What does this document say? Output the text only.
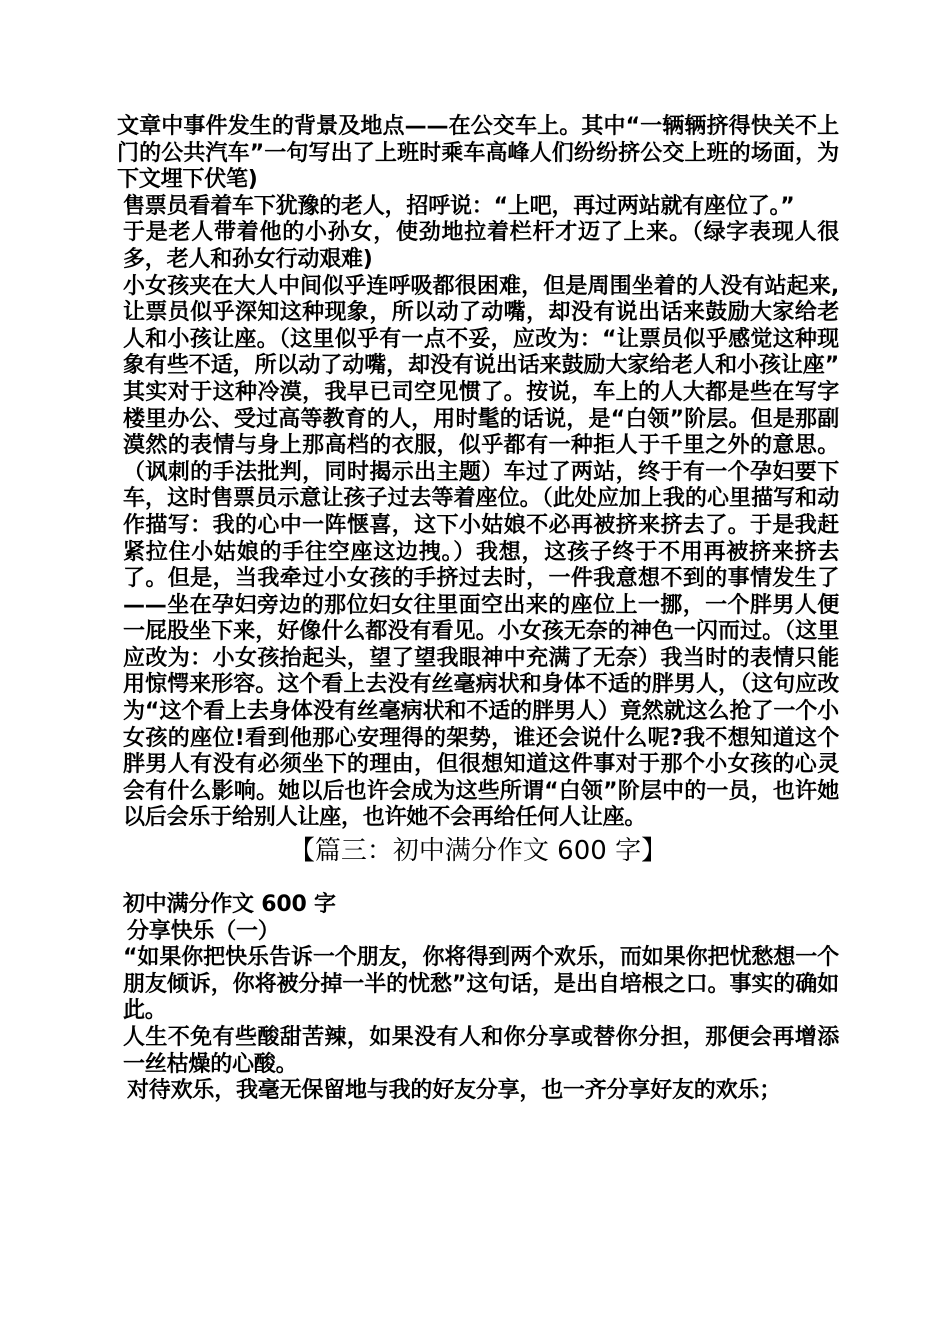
文章中事件发生的背景及地点——在公交车上。其中“一辆辆挤得快关不上门的公共汽车”一句写出了上班时乘车高峰人们纷纷挤公交上班的场面，为下文埋下伏笔)

售票员看着车下犹豫的老人，招呼说：“上吧，再过两站就有座位了。”

于是老人带着他的小孙女，使劲地拉着栏杆才迈了上来。（绿字表现人很多，老人和孙女行动艰难)

小女孩夹在大人中间似乎连呼吸都很困难，但是周围坐着的人没有站起来,让票员似乎深知这种现象，所以动了动嘴，却没有说出话来鼓励大家给老人和小孩让座。（这里似乎有一点不妥，应改为：“让票员似乎感觉这种现象有些不适，所以动了动嘴，却没有说出话来鼓励大家给老人和小孩让座” 其实对于这种冷漠，我早已司空见惯了。按说，车上的人大都是些在写字楼里办公、受过高等教育的人，用时髦的话说，是“白领”阶层。但是那副漠然的表情与身上那高档的衣服，似乎都有一种拒人于千里之外的意思。（讽刺的手法批判，同时揭示出主题）车过了两站，终于有一个孕妇要下车，这时售票员示意让孩子过去等着座位。（此处应加上我的心里描写和动作描写：我的心中一阵惬喜，这下小姑娘不必再被挤来挤去了。于是我赶紧拉住小姑娘的手往空座这边拽。）我想，这孩子终于不用再被挤来挤去了。但是，当我牵过小女孩的手挤过去时，一件我意想不到的事情发生了——坐在孕妇旁边的那位妇女往里面空出来的座位上一挪，一个胖男人便一屁股坐下来，好像什么都没有看见。小女孩无奈的神色一闪而过。（这里应改为：小女孩抬起头，望了望我眼神中充满了无奈）我当时的表情只能用惊愕来形容。这个看上去没有丝毫病状和身体不适的胖男人，（这句应改为“这个看上去身体没有丝毫病状和不适的胖男人）竟然就这么抢了一个小女孩的座位!看到他那心安理得的架势，谁还会说什么呢?我不想知道这个胖男人有没有必须坐下的理由，但很想知道这件事对于那个小女孩的心灵会有什么影响。她以后也许会成为这些所谓“白领”阶层中的一员，也许她以后会乐于给别人让座，也许她不会再给任何人让座。

【篇三：初中满分作文 600 字】

初中满分作文 600 字

分享快乐（一）

“如果你把快乐告诉一个朋友，你将得到两个欢乐，而如果你把忧愁想一个朋友倾诉，你将被分掉一半的忧愁”这句话，是出自培根之口。事实的确如此。

人生不免有些酸甜苦辣，如果没有人和你分享或替你分担，那便会再增添一丝枯燥的心酸。

对待欢乐，我毫无保留地与我的好友分享，也一齐分享好友的欢乐；
